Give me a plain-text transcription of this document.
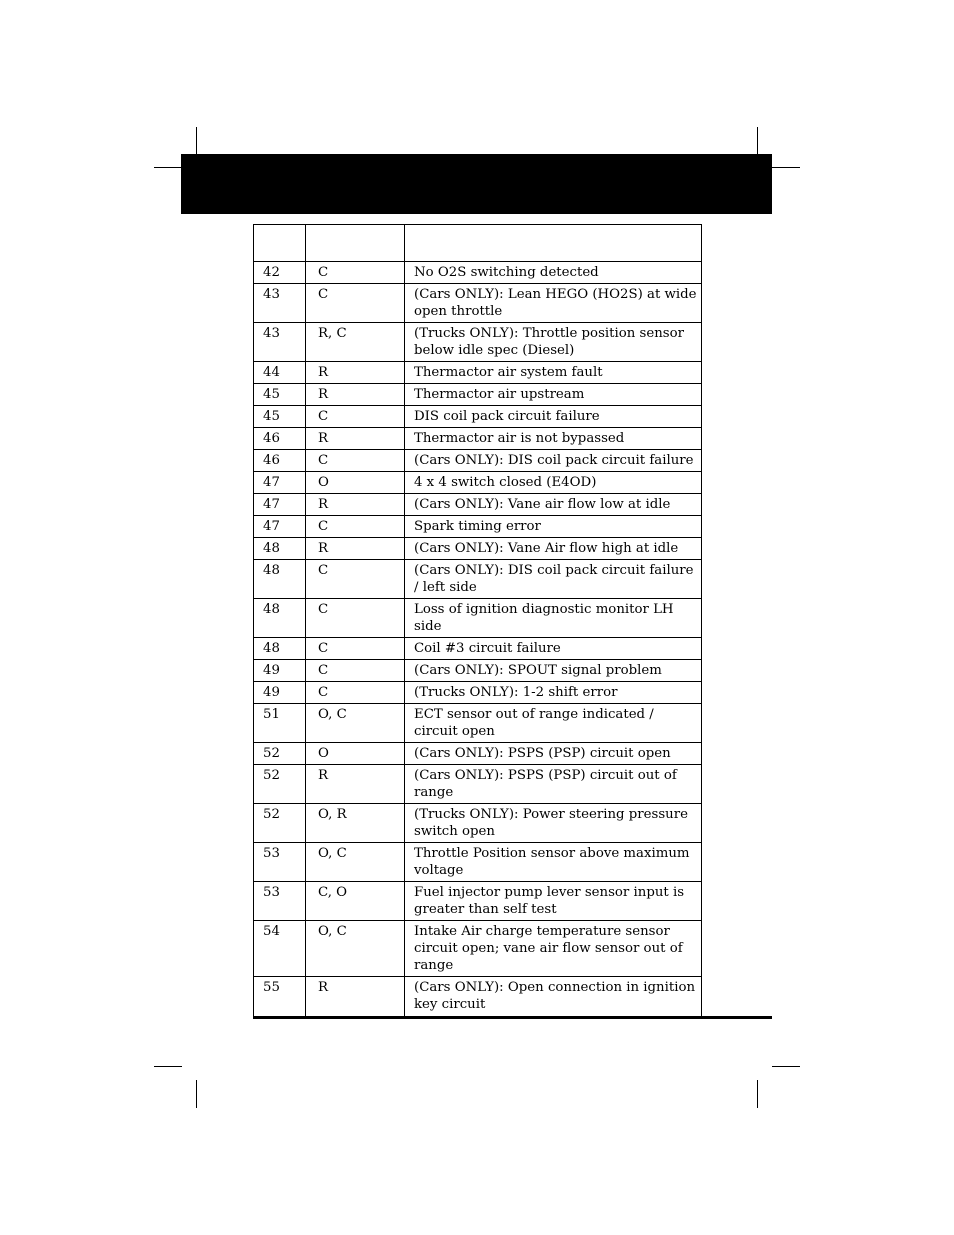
42	C	No O2S switching detected
43	C	(Cars ONLY): Lean HEGO (HO2S) at wide open throttle
43	R, C	(Trucks ONLY): Throttle position sensor below idle spec (Diesel)
44	R	Thermactor air system fault
45	R	Thermactor air upstream
45	C	DIS coil pack circuit failure
46	R	Thermactor air is not bypassed
46	C	(Cars ONLY): DIS coil pack circuit failure
47	O	4 x 4 switch closed (E4OD)
47	R	(Cars ONLY): Vane air flow low at idle
47	C	Spark timing error
48	R	(Cars ONLY): Vane Air flow high at idle
48	C	(Cars ONLY): DIS coil pack circuit failure / left side
48	C	Loss of ignition diagnostic monitor LH side
48	C	Coil #3 circuit failure
49	C	(Cars ONLY): SPOUT signal problem
49	C	(Trucks ONLY): 1-2 shift error
51	O, C	ECT sensor out of range indicated / circuit open
52	O	(Cars ONLY): PSPS (PSP) circuit open
52	R	(Cars ONLY): PSPS (PSP) circuit out of range
52	O, R	(Trucks ONLY): Power steering pressure switch open
53	O, C	Throttle Position sensor above maximum voltage
53	C, O	Fuel injector pump lever sensor input is greater than self test
54	O, C	Intake Air charge temperature sensor circuit open; vane air flow sensor out of range
55	R	(Cars ONLY): Open connection in ignition key circuit
